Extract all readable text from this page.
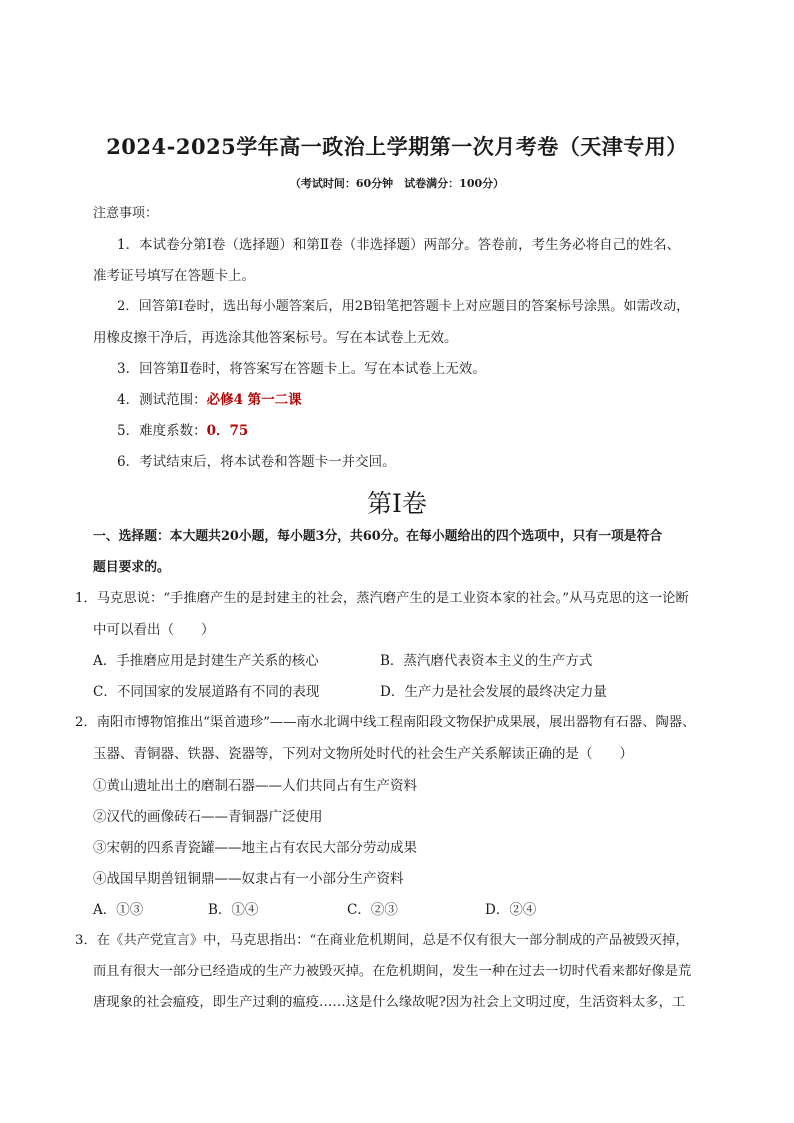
2024-2025学年高一政治上学期第一次月考卷（天津专用）
（考试时间：60分钟　试卷满分：100分）
注意事项：
1．本试卷分第Ⅰ卷（选择题）和第Ⅱ卷（非选择题）两部分。答卷前，考生务必将自己的姓名、
准考证号填写在答题卡上。
2．回答第Ⅰ卷时，选出每小题答案后，用2B铅笔把答题卡上对应题目的答案标号涂黑。如需改动，
用橡皮擦干净后，再选涂其他答案标号。写在本试卷上无效。
3．回答第Ⅱ卷时，将答案写在答题卡上。写在本试卷上无效。
4．测试范围：必修4 第一二课
5．难度系数：0．75
6．考试结束后，将本试卷和答题卡一并交回。
第Ⅰ卷
一、选择题：本大题共20小题，每小题3分，共60分。在每小题给出的四个选项中，只有一项是符合
题目要求的。
1．马克思说：“手推磨产生的是封建主的社会，蒸汽磨产生的是工业资本家的社会。”从马克思的这一论断
中可以看出（　　）
A．手推磨应用是封建生产关系的核心	B．蒸汽磨代表资本主义的生产方式
C．不同国家的发展道路有不同的表现	D．生产力是社会发展的最终决定力量
2．南阳市博物馆推出“渠首遗珍”——南水北调中线工程南阳段文物保护成果展，展出器物有石器、陶器、
玉器、青铜器、铁器、瓷器等，下列对文物所处时代的社会生产关系解读正确的是（　　）
①黄山遗址出土的磨制石器——人们共同占有生产资料
②汉代的画像砖石——青铜器广泛使用
③宋朝的四系青瓷罐——地主占有农民大部分劳动成果
④战国早期兽钮铜鼎——奴隶占有一小部分生产资料
A．①③	B．①④	C．②③	D．②④
3．在《共产党宣言》中，马克思指出：“在商业危机期间，总是不仅有很大一部分制成的产品被毁灭掉，
而且有很大一部分已经造成的生产力被毁灭掉。在危机期间，发生一种在过去一切时代看来都好像是荒
唐现象的社会瘟疫，即生产过剩的瘟疫……这是什么缘故呢?因为社会上文明过度，生活资料太多，工
